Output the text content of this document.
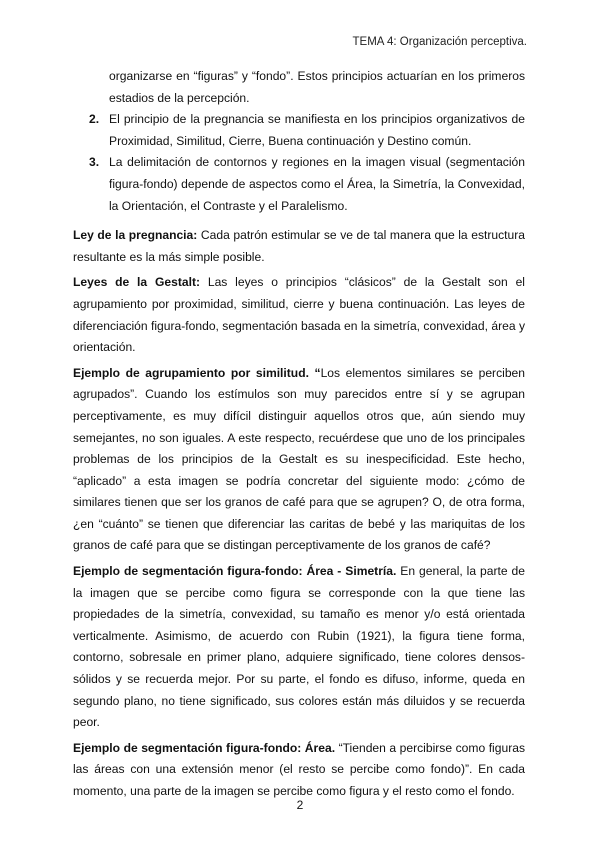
TEMA 4: Organización perceptiva.

organizarse en “figuras” y “fondo”. Estos principios actuarían en los primeros estadios de la percepción.

2. El principio de la pregnancia se manifiesta en los principios organizativos de Proximidad, Similitud, Cierre, Buena continuación y Destino común.
3. La delimitación de contornos y regiones en la imagen visual (segmentación figura-fondo) depende de aspectos como el Área, la Simetría, la Convexidad, la Orientación, el Contraste y el Paralelismo.

Ley de la pregnancia: Cada patrón estimular se ve de tal manera que la estructura resultante es la más simple posible.

Leyes de la Gestalt: Las leyes o principios “clásicos” de la Gestalt son el agrupamiento por proximidad, similitud, cierre y buena continuación. Las leyes de diferenciación figura-fondo, segmentación basada en la simetría, convexidad, área y orientación.

Ejemplo de agrupamiento por similitud. “Los elementos similares se perciben agrupados”. Cuando los estímulos son muy parecidos entre sí y se agrupan perceptivamente, es muy difícil distinguir aquellos otros que, aún siendo muy semejantes, no son iguales. A este respecto, recuérdese que uno de los principales problemas de los principios de la Gestalt es su inespecificidad. Este hecho, “aplicado” a esta imagen se podría concretar del siguiente modo: ¿cómo de similares tienen que ser los granos de café para que se agrupen? O, de otra forma, ¿en “cuánto” se tienen que diferenciar las caritas de bebé y las mariquitas de los granos de café para que se distingan perceptivamente de los granos de café?

Ejemplo de segmentación figura-fondo: Área - Simetría. En general, la parte de la imagen que se percibe como figura se corresponde con la que tiene las propiedades de la simetría, convexidad, su tamaño es menor y/o está orientada verticalmente. Asimismo, de acuerdo con Rubin (1921), la figura tiene forma, contorno, sobresale en primer plano, adquiere significado, tiene colores densos-sólidos y se recuerda mejor. Por su parte, el fondo es difuso, informe, queda en segundo plano, no tiene significado, sus colores están más diluidos y se recuerda peor.

Ejemplo de segmentación figura-fondo: Área. “Tienden a percibirse como figuras las áreas con una extensión menor (el resto se percibe como fondo)”. En cada momento, una parte de la imagen se percibe como figura y el resto como el fondo.

2
